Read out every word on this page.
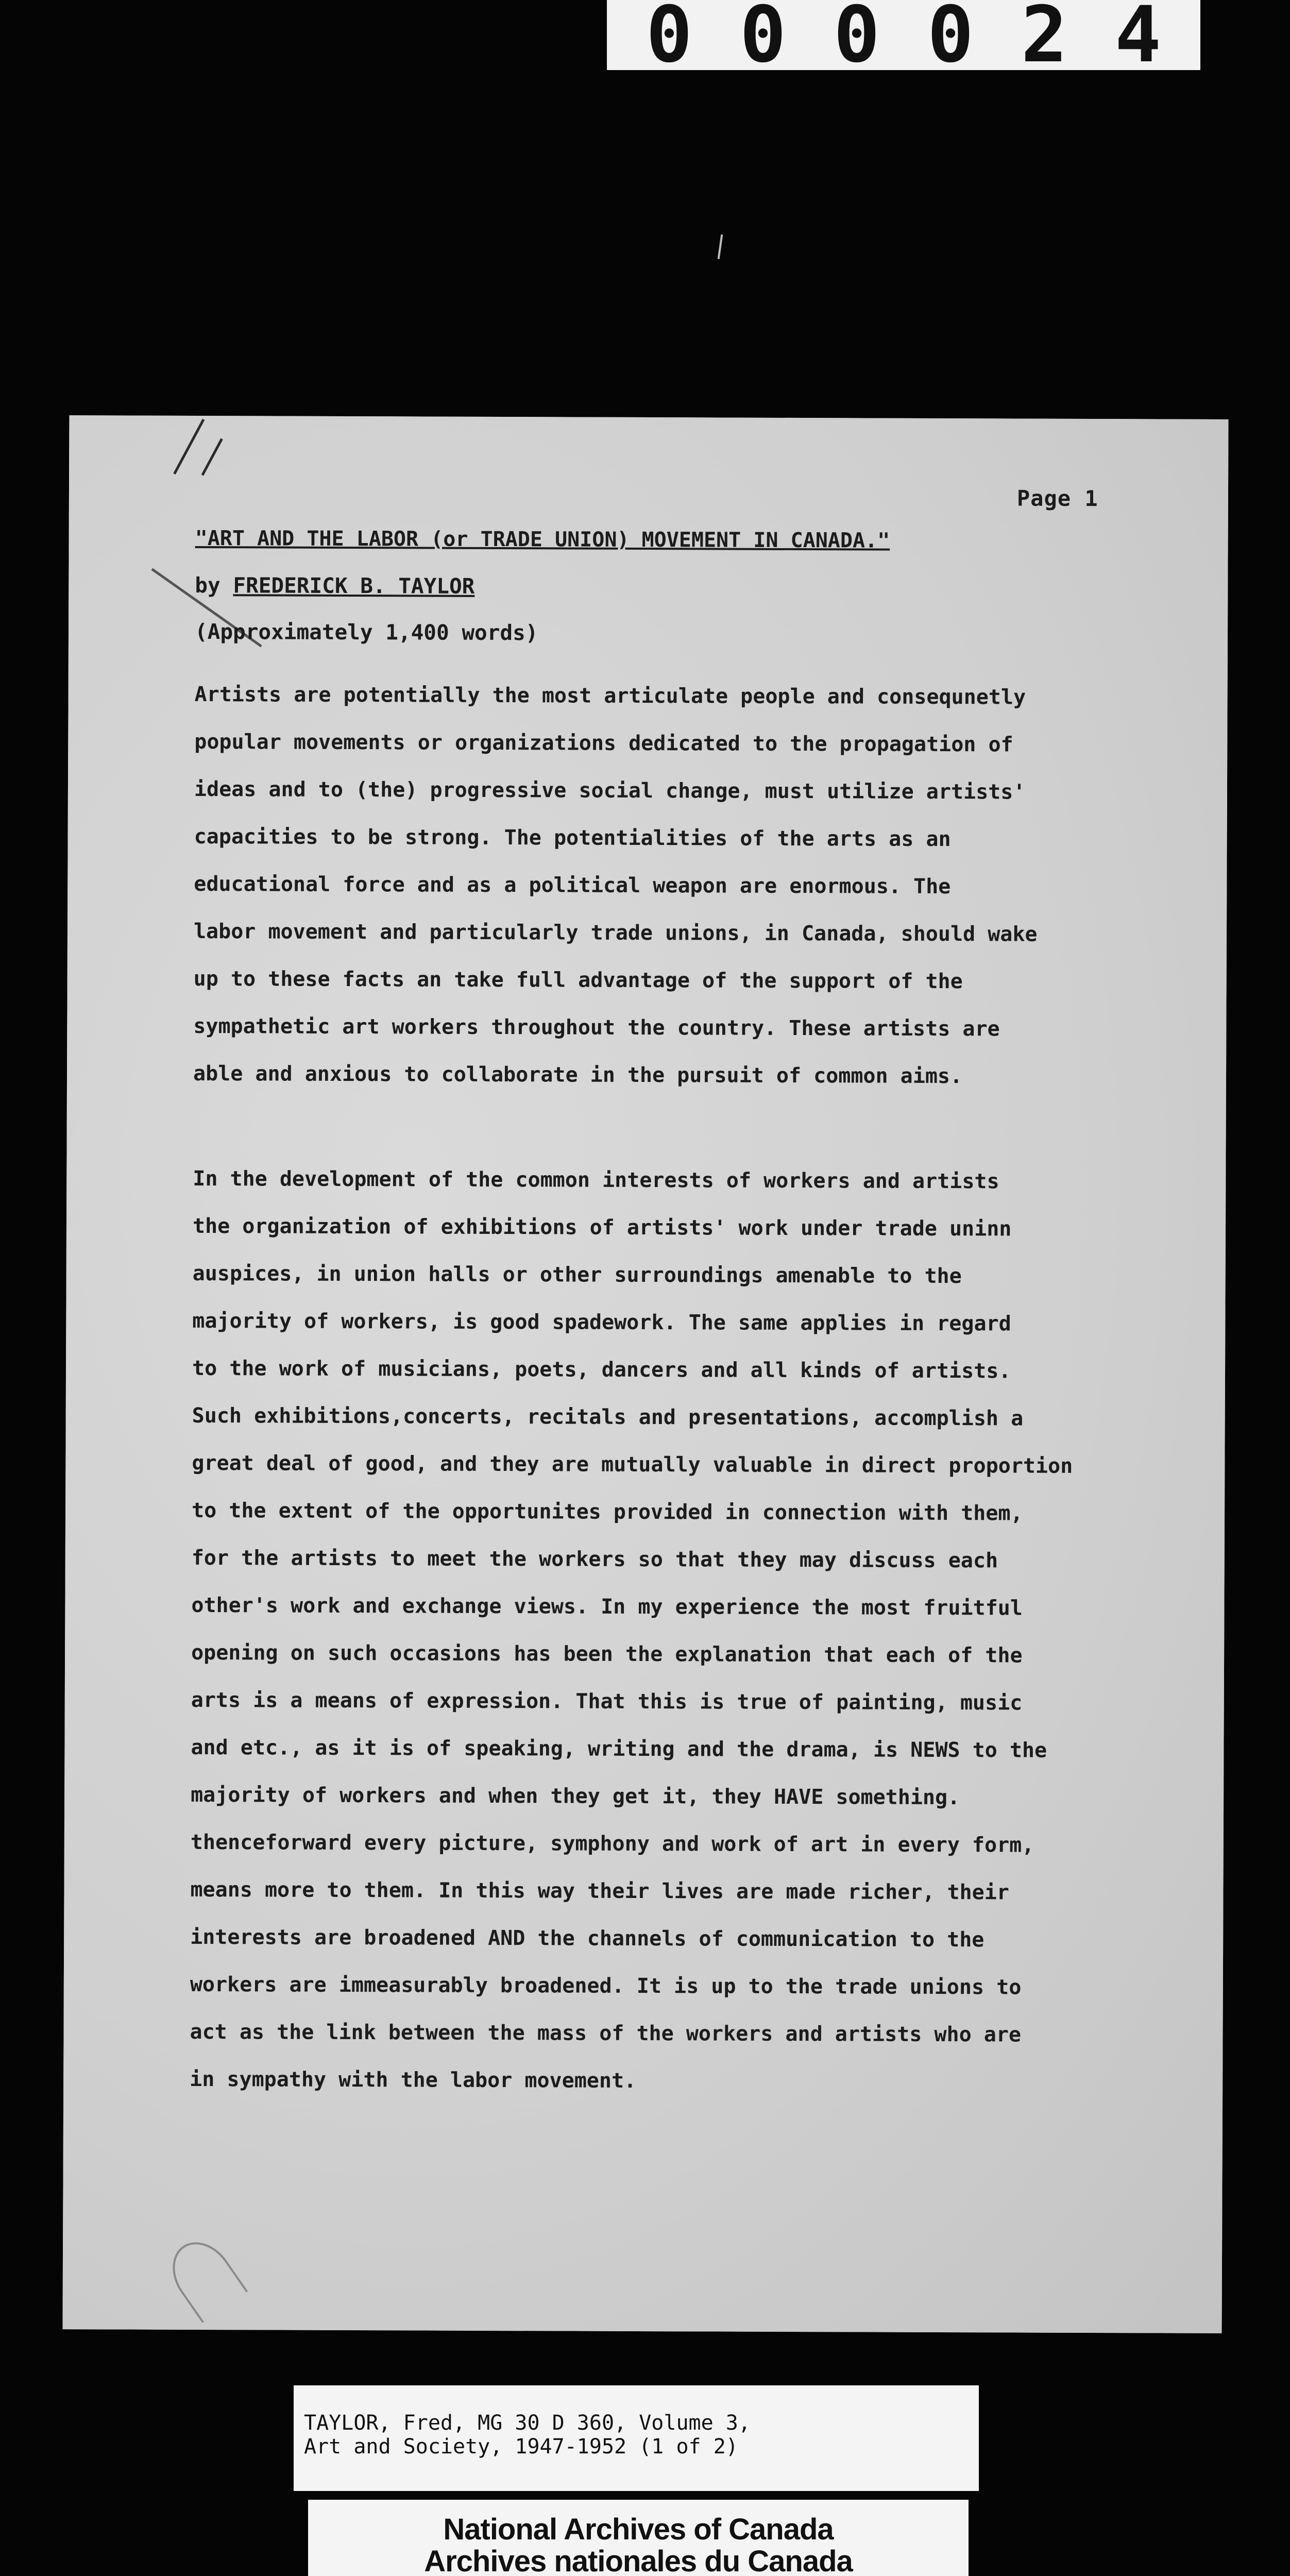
0 0 0 0 2 4
Page 1
"ART AND THE LABOR (or TRADE UNION) MOVEMENT IN CANADA."
by FREDERICK B. TAYLOR
(Approximately 1,400 words)
Artists are potentially the most articulate people and consequnetly
popular movements or organizations dedicated to the propagation of
ideas and to (the) progressive social change, must utilize artists'
capacities to be strong. The potentialities of the arts as an
educational force and as a political weapon are enormous. The
labor movement and particularly trade unions, in Canada, should wake
up to these facts an take full advantage of the support of the
sympathetic art workers throughout the country. These artists are
able and anxious to collaborate in the pursuit of common aims.
In the development of the common interests of workers and artists
the organization of exhibitions of artists' work under trade uninn
auspices, in union halls or other surroundings amenable to the
majority of workers, is good spadework. The same applies in regard
to the work of musicians, poets, dancers and all kinds of artists.
Such exhibitions,concerts, recitals and presentations, accomplish a
great deal of good, and they are mutually valuable in direct proportion
to the extent of the opportunites provided in connection with them,
for the artists to meet the workers so that they may discuss each
other's work and exchange views. In my experience the most fruitful
opening on such occasions has been the explanation that each of the
arts is a means of expression. That this is true of painting, music
and etc., as it is of speaking, writing and the drama, is NEWS to the
majority of workers and when they get it, they HAVE something.
thenceforward every picture, symphony and work of art in every form,
means more to them. In this way their lives are made richer, their
interests are broadened AND the channels of communication to the
workers are immeasurably broadened. It is up to the trade unions to
act as the link between the mass of the workers and artists who are
in sympathy with the labor movement.
TAYLOR, Fred, MG 30 D 360, Volume 3,
Art and Society, 1947-1952 (1 of 2)
National Archives of Canada
Archives nationales du Canada
